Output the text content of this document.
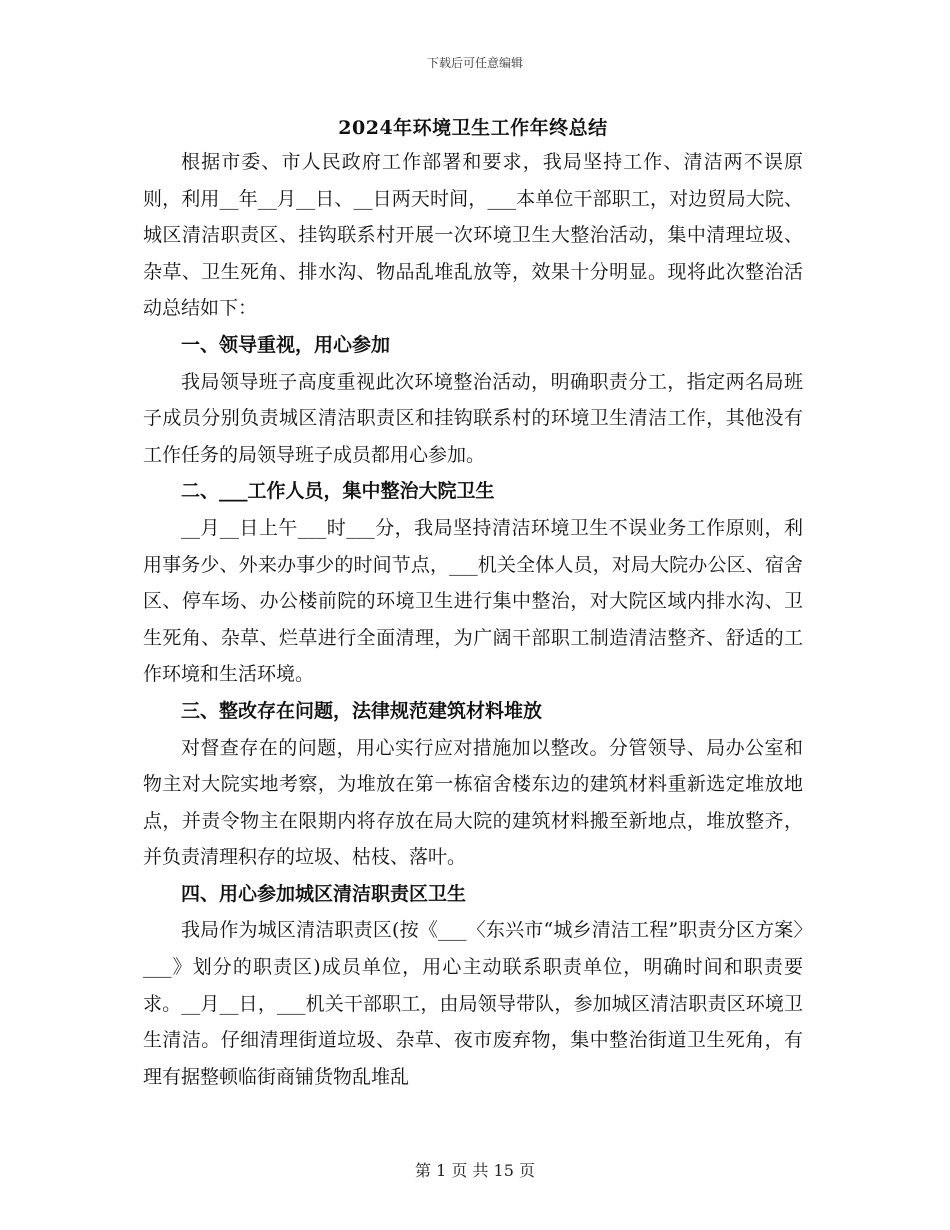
下载后可任意编辑

2024年环境卫生工作年终总结

根据市委、市人民政府工作部署和要求，我局坚持工作、清洁两不误原则，利用__年__月__日、__日两天时间，___本单位干部职工，对边贸局大院、城区清洁职责区、挂钩联系村开展一次环境卫生大整治活动，集中清理垃圾、杂草、卫生死角、排水沟、物品乱堆乱放等，效果十分明显。现将此次整治活动总结如下：

一、领导重视，用心参加

我局领导班子高度重视此次环境整治活动，明确职责分工，指定两名局班子成员分别负责城区清洁职责区和挂钩联系村的环境卫生清洁工作，其他没有工作任务的局领导班子成员都用心参加。

二、___工作人员，集中整治大院卫生

__月__日上午___时___分，我局坚持清洁环境卫生不误业务工作原则，利用事务少、外来办事少的时间节点，___机关全体人员，对局大院办公区、宿舍区、停车场、办公楼前院的环境卫生进行集中整治，对大院区域内排水沟、卫生死角、杂草、烂草进行全面清理，为广阔干部职工制造清洁整齐、舒适的工作环境和生活环境。

三、整改存在问题，法律规范建筑材料堆放

对督查存在的问题，用心实行应对措施加以整改。分管领导、局办公室和物主对大院实地考察，为堆放在第一栋宿舍楼东边的建筑材料重新选定堆放地点，并责令物主在限期内将存放在局大院的建筑材料搬至新地点，堆放整齐，并负责清理积存的垃圾、枯枝、落叶。

四、用心参加城区清洁职责区卫生

我局作为城区清洁职责区(按《___〈东兴市“城乡清洁工程”职责分区方案〉___》划分的职责区)成员单位，用心主动联系职责单位，明确时间和职责要求。__月__日，___机关干部职工，由局领导带队，参加城区清洁职责区环境卫生清洁。仔细清理街道垃圾、杂草、夜市废弃物，集中整治街道卫生死角，有理有据整顿临街商铺货物乱堆乱

第 1 页 共 15 页
